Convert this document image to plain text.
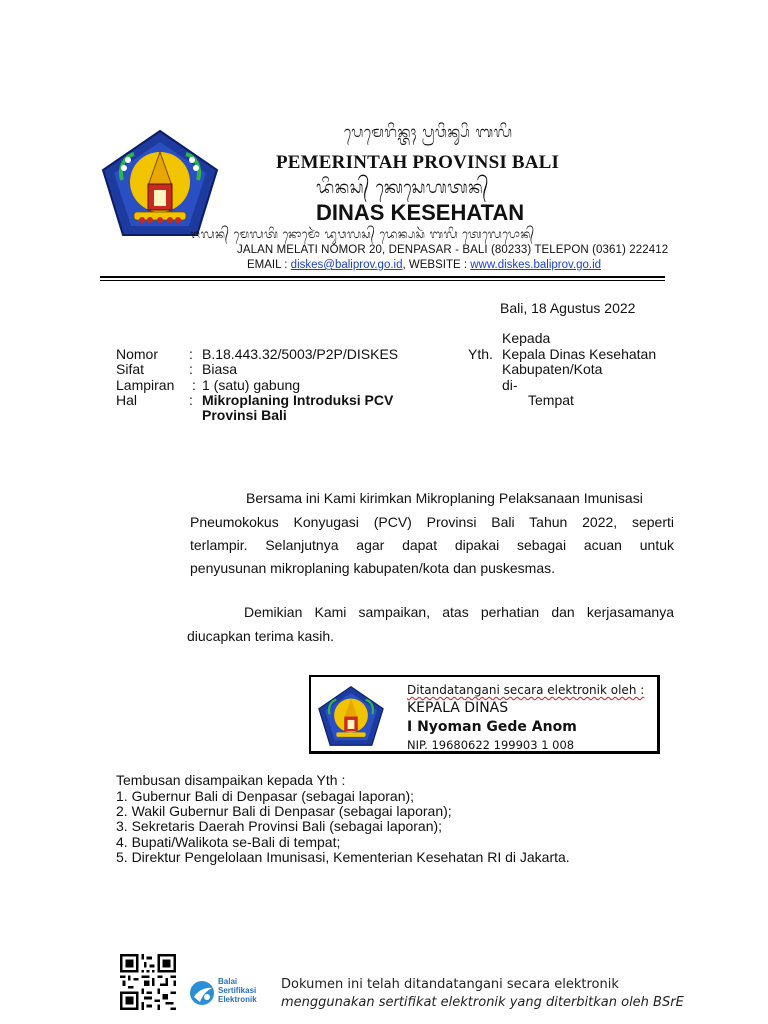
ᬧᬾᬫᬾᬭᬶᬦ᭄ᬢᬄ ᬧ᭄ᬭᬯᬶᬦ᭄ᬲᬶ ᬩᬮᬶ
PEMERINTAH PROVINSI BALI
ᬤᬶᬦᬲ᭄ ᬓᬾᬲᬾᬳᬢᬦ᭄
DINAS KESEHATAN
ᬚᬮᬦ᭄ ᬫᬾᬮᬢᬶ ᬦᭀᬫᭀᬃ ᬤᬸᬯᬮᬲ᭄ ᬤᬾᬦ᭄ᬧᬲᬃ ᬩᬮᬶ ᬢᬾᬮᬾᬧᭀᬦ᭄
JALAN MELATI NOMOR 20, DENPASAR - BALI (80233) TELEPON (0361) 222412
EMAIL : diskes@baliprov.go.id, WEBSITE : www.diskes.baliprov.go.id
Bali, 18 Agustus 2022
Kepada
Yth. Kepala Dinas Kesehatan
Kabupaten/Kota
di-
Tempat
Nomor : B.18.443.32/5003/P2P/DISKES
Sifat	: Biasa
Lampiran : 1 (satu) gabung
Hal	: Mikroplaning Introduksi PCV
Provinsi Bali
Bersama ini Kami kirimkan Mikroplaning Pelaksanaan Imunisasi
Pneumokokus Konyugasi (PCV) Provinsi Bali Tahun 2022, seperti
terlampir. Selanjutnya agar dapat dipakai sebagai acuan untuk
penyusunan mikroplaning kabupaten/kota dan puskesmas.
Demikian Kami sampaikan, atas perhatian dan kerjasamanya
diucapkan terima kasih.
Ditandatangani secara elektronik oleh :
KEPALA DINAS
I Nyoman Gede Anom
NIP. 19680622 199903 1 008
Tembusan disampaikan kepada Yth :
1. Gubernur Bali di Denpasar (sebagai laporan);
2. Wakil Gubernur Bali di Denpasar (sebagai laporan);
3. Sekretaris Daerah Provinsi Bali (sebagai laporan);
4. Bupati/Walikota se-Bali di tempat;
5. Direktur Pengelolaan Imunisasi, Kementerian Kesehatan RI di Jakarta.
Balai
Sertifikasi
Elektronik
Dokumen ini telah ditandatangani secara elektronik
menggunakan sertifikat elektronik yang diterbitkan oleh BSrE
